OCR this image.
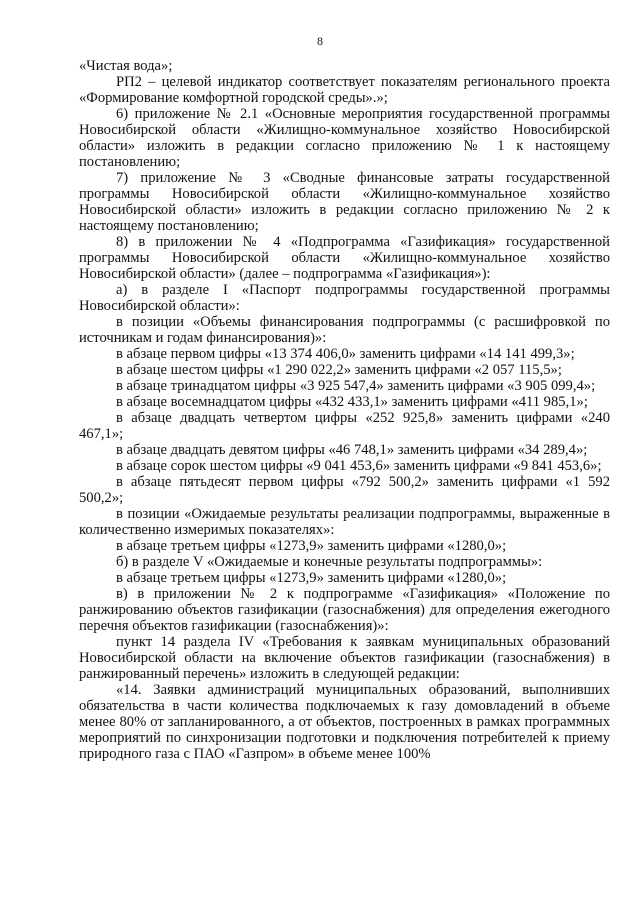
8

«Чистая вода»;

РП2 – целевой индикатор соответствует показателям регионального проекта «Формирование комфортной городской среды».»;

6) приложение № 2.1 «Основные мероприятия государственной программы Новосибирской области «Жилищно-коммунальное хозяйство Новосибирской области» изложить в редакции согласно приложению № 1 к настоящему постановлению;

7) приложение № 3 «Сводные финансовые затраты государственной программы Новосибирской области «Жилищно-коммунальное хозяйство Новосибирской области» изложить в редакции согласно приложению № 2 к настоящему постановлению;

8) в приложении № 4 «Подпрограмма «Газификация» государственной программы Новосибирской области «Жилищно-коммунальное хозяйство Новосибирской области» (далее – подпрограмма «Газификация»):

а) в разделе I «Паспорт подпрограммы государственной программы Новосибирской области»:

в позиции «Объемы финансирования подпрограммы (с расшифровкой по источникам и годам финансирования)»:

в абзаце первом цифры «13 374 406,0» заменить цифрами «14 141 499,3»;

в абзаце шестом цифры «1 290 022,2» заменить цифрами «2 057 115,5»;

в абзаце тринадцатом цифры «3 925 547,4» заменить цифрами «3 905 099,4»;

в абзаце восемнадцатом цифры «432 433,1» заменить цифрами «411 985,1»;

в абзаце двадцать четвертом цифры «252 925,8» заменить цифрами «240 467,1»;

в абзаце двадцать девятом цифры «46 748,1» заменить цифрами «34 289,4»;

в абзаце сорок шестом цифры «9 041 453,6» заменить цифрами «9 841 453,6»;

в абзаце пятьдесят первом цифры «792 500,2» заменить цифрами «1 592 500,2»;

в позиции «Ожидаемые результаты реализации подпрограммы, выраженные в количественно измеримых показателях»:

в абзаце третьем цифры «1273,9» заменить цифрами «1280,0»;

б) в разделе V «Ожидаемые и конечные результаты подпрограммы»:

в абзаце третьем цифры «1273,9» заменить цифрами «1280,0»;

в) в приложении № 2 к подпрограмме «Газификация» «Положение по ранжированию объектов газификации (газоснабжения) для определения ежегодного перечня объектов газификации (газоснабжения)»:

пункт 14 раздела IV «Требования к заявкам муниципальных образований Новосибирской области на включение объектов газификации (газоснабжения) в ранжированный перечень» изложить в следующей редакции:

«14. Заявки администраций муниципальных образований, выполнивших обязательства в части количества подключаемых к газу домовладений в объеме менее 80% от запланированного, а от объектов, построенных в рамках программных мероприятий по синхронизации подготовки и подключения потребителей к приему природного газа с ПАО «Газпром» в объеме менее 100%
